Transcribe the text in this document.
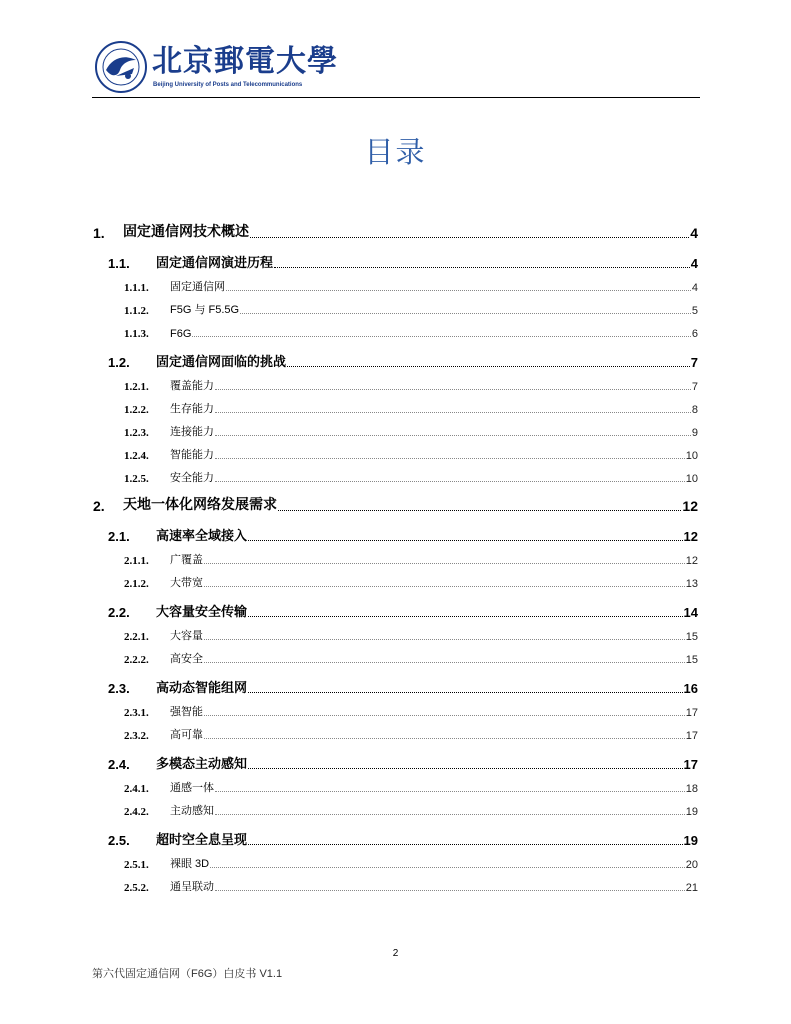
北京郵電大學
Beijing University of Posts and Telecommunications
目录
1.	固定通信网技术概述	4
1.1.	固定通信网演进历程	4
1.1.1.	固定通信网	4
1.1.2.	F5G 与 F5.5G	5
1.1.3.	F6G	6
1.2.	固定通信网面临的挑战	7
1.2.1.	覆盖能力	7
1.2.2.	生存能力	8
1.2.3.	连接能力	9
1.2.4.	智能能力	10
1.2.5.	安全能力	10
2.	天地一体化网络发展需求	12
2.1.	高速率全域接入	12
2.1.1.	广覆盖	12
2.1.2.	大带宽	13
2.2.	大容量安全传输	14
2.2.1.	大容量	15
2.2.2.	高安全	15
2.3.	高动态智能组网	16
2.3.1.	强智能	17
2.3.2.	高可靠	17
2.4.	多模态主动感知	17
2.4.1.	通感一体	18
2.4.2.	主动感知	19
2.5.	超时空全息呈现	19
2.5.1.	裸眼 3D	20
2.5.2.	通呈联动	21
2
第六代固定通信网（F6G）白皮书 V1.1
